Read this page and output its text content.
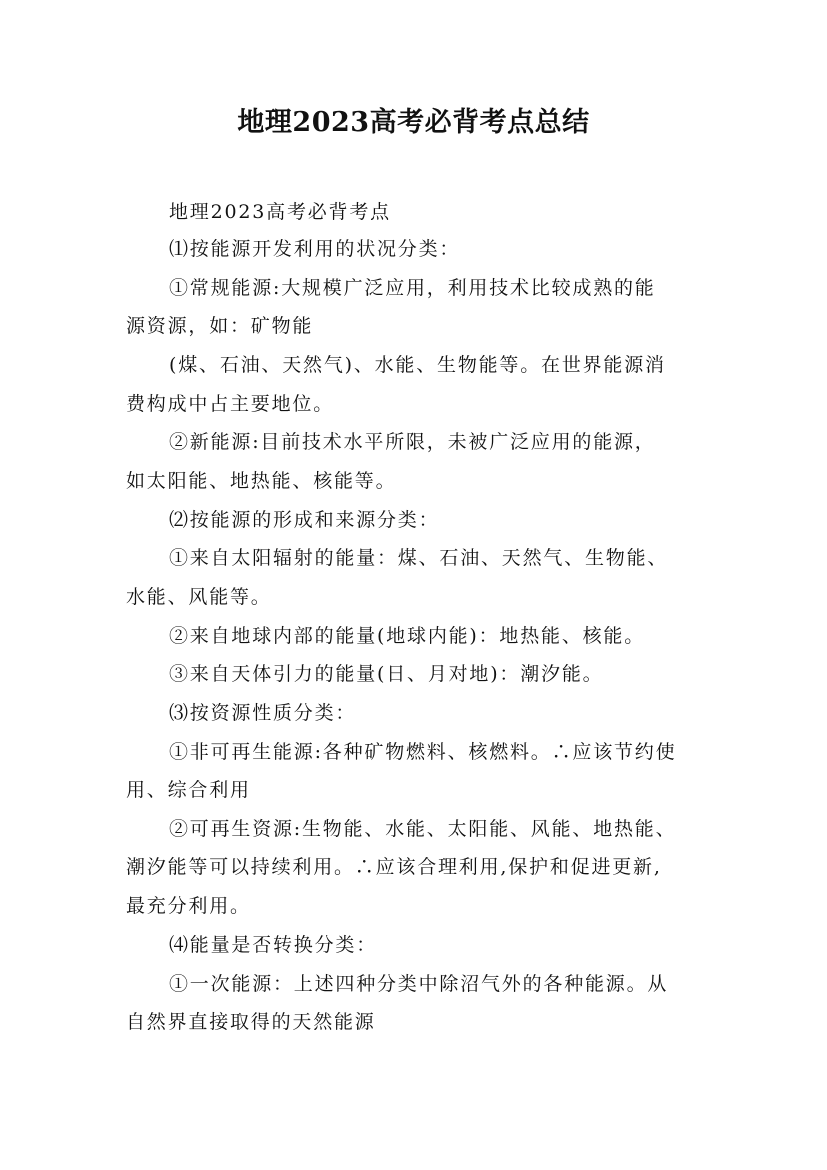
地理2023高考必背考点总结

地理2023高考必背考点

⑴按能源开发利用的状况分类：

①常规能源:大规模广泛应用，利用技术比较成熟的能

源资源，如：矿物能

(煤、石油、天然气)、水能、生物能等。在世界能源消

费构成中占主要地位。

②新能源:目前技术水平所限，未被广泛应用的能源，

如太阳能、地热能、核能等。

⑵按能源的形成和来源分类：

①来自太阳辐射的能量：煤、石油、天然气、生物能、

水能、风能等。

②来自地球内部的能量(地球内能)：地热能、核能。

③来自天体引力的能量(日、月对地)：潮汐能。

⑶按资源性质分类：

①非可再生能源:各种矿物燃料、核燃料。∴应该节约使

用、综合利用

②可再生资源:生物能、水能、太阳能、风能、地热能、

潮汐能等可以持续利用。∴应该合理利用,保护和促进更新,

最充分利用。

⑷能量是否转换分类：

①一次能源：上述四种分类中除沼气外的各种能源。从

自然界直接取得的天然能源
